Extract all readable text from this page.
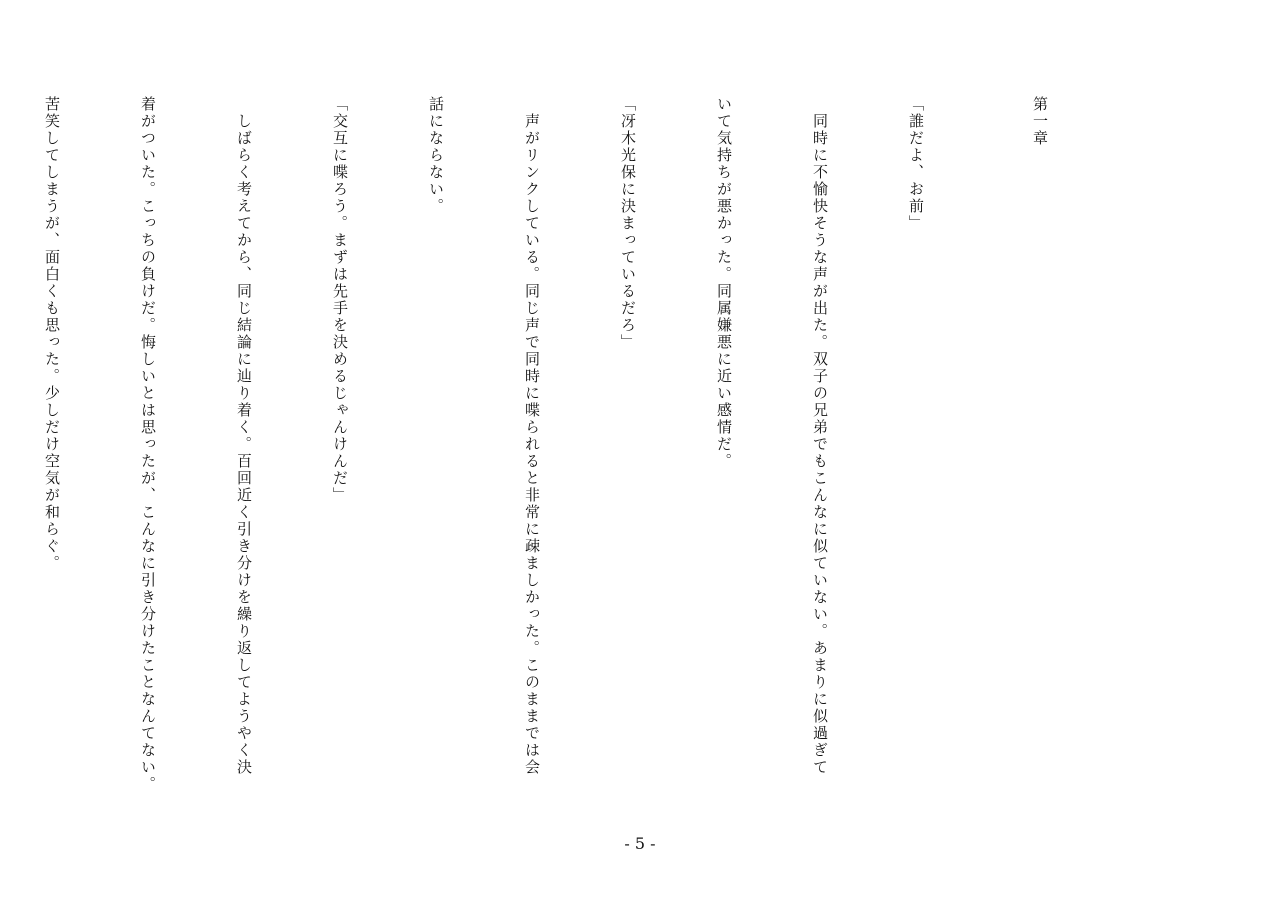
第一章

「誰だよ、お前」

　同時に不愉快そうな声が出た。双子の兄弟でもこんなに似ていない。あまりに似過ぎて

いて気持ちが悪かった。同属嫌悪に近い感情だ。

「冴木光保に決まっているだろ」

　声がリンクしている。同じ声で同時に喋られると非常に疎ましかった。このままでは会

話にならない。

「交互に喋ろう。まずは先手を決めるじゃんけんだ」

　しばらく考えてから、同じ結論に辿り着く。百回近く引き分けを繰り返してようやく決

着がついた。こっちの負けだ。悔しいとは思ったが、こんなに引き分けたことなんてない。

苦笑してしまうが、面白くも思った。少しだけ空気が和らぐ。

- 5 -
